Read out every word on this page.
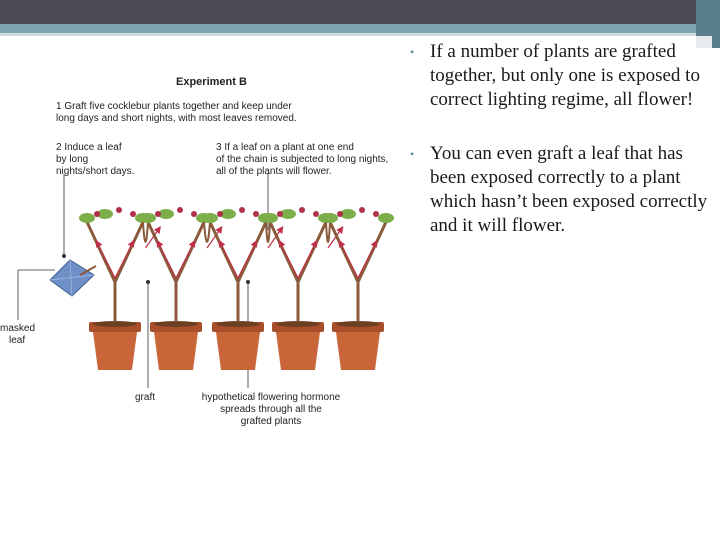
Experiment B
1 Graft five cocklebur plants together and keep under
long days and short nights, with most leaves removed.
2 Induce a leaf
by long
nights/short days.
3 If a leaf on a plant at one end
of the chain is subjected to long nights,
all of the plants will flower.
masked
leaf
graft	hypothetical flowering hormone
spreads through all the
grafted plants
• If a number of plants are grafted together, but only one is exposed to correct lighting regime, all flower!
• You can even graft a leaf that has been exposed correctly to a plant which hasn’t been exposed correctly and it will flower.
